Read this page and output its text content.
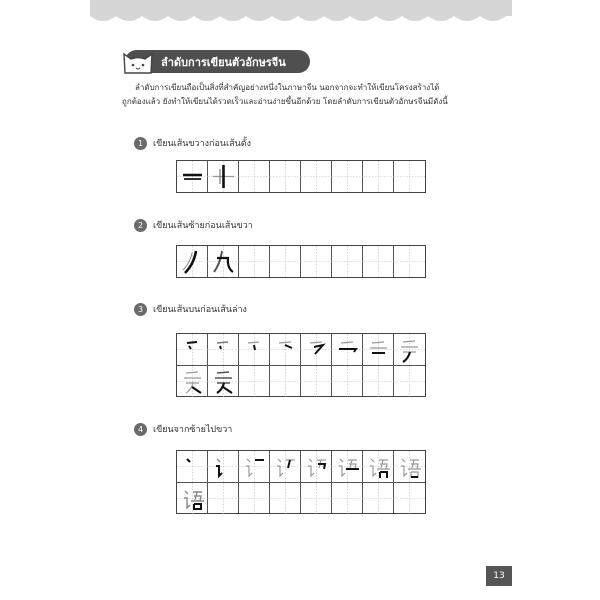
ลำดับการเขียนตัวอักษรจีน

ลำดับการเขียนถือเป็นสิ่งที่สำคัญอย่างหนึ่งในภาษาจีน นอกจากจะทำให้เขียนโครงสร้างได้

ถูกต้องแล้ว ยังทำให้เขียนได้รวดเร็วและอ่านง่ายขึ้นอีกด้วย โดยลำดับการเขียนตัวอักษรจีนมีดังนี้

1	เขียนเส้นขวางก่อนเส้นตั้ง
2	เขียนเส้นซ้ายก่อนเส้นขวา
3	เขียนเส้นบนก่อนเส้นล่าง
4	เขียนจากซ้ายไปขวา
13
